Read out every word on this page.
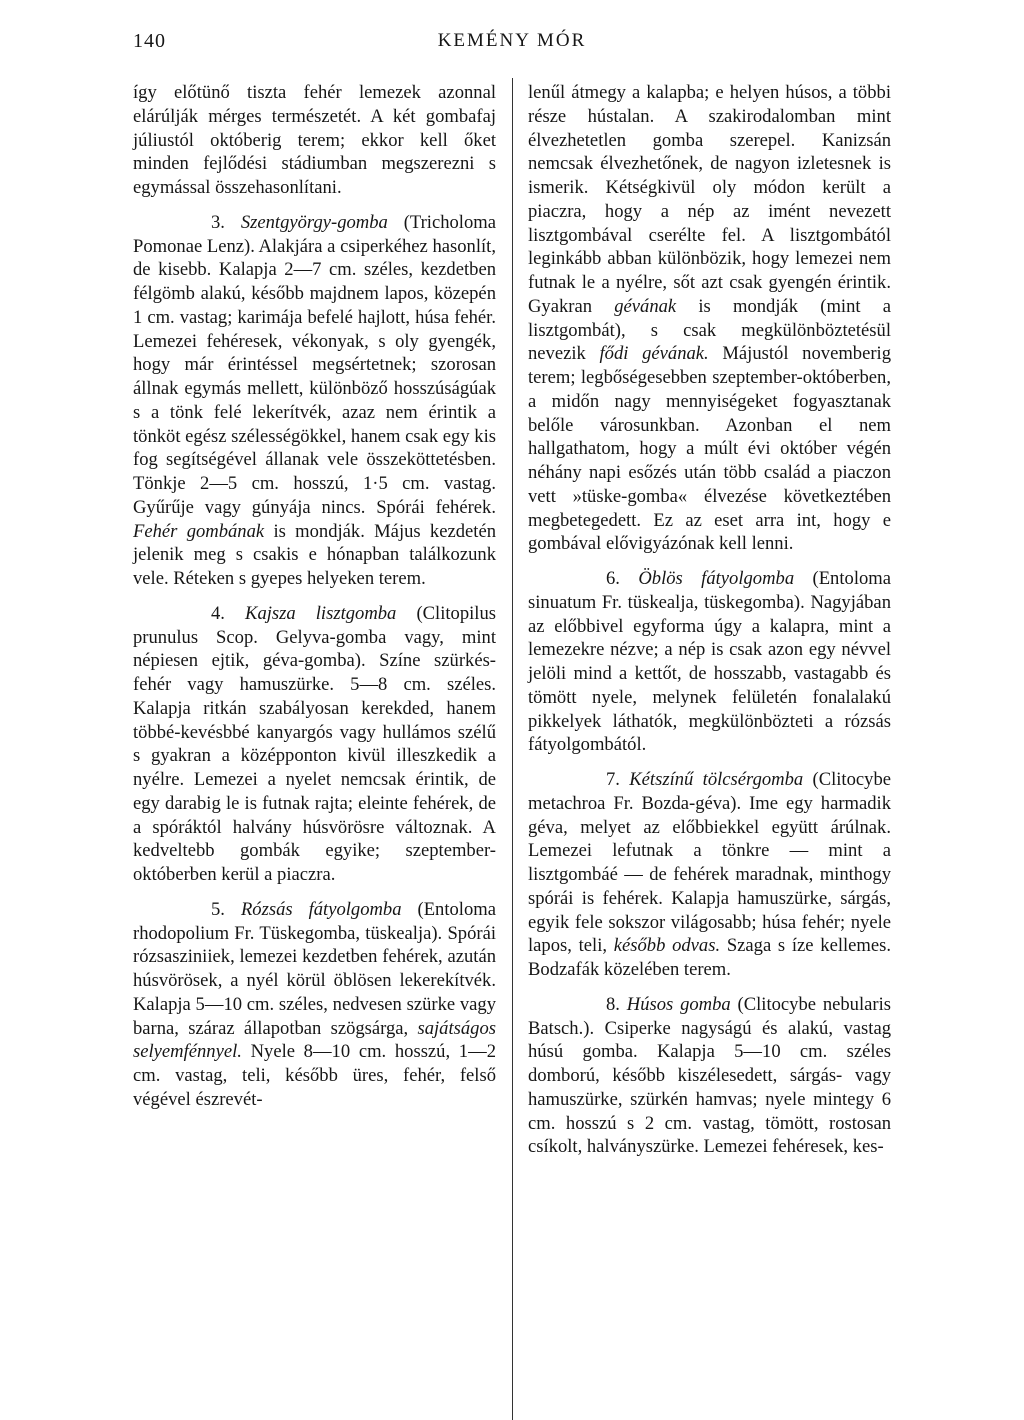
140	KEMÉNY MÓR

így előtünő tiszta fehér lemezek azonnal elárúlják mérges természetét. A két gombafaj júliustól októberig terem; ekkor kell őket minden fejlődési stádiumban megszerezni s egymással összehasonlítani.

3. Szentgyörgy-gomba (Tricholoma Pomonae Lenz). Alakjára a csiperkéhez hasonlít, de kisebb. Kalapja 2—7 cm. széles, kezdetben félgömb alakú, később majdnem lapos, közepén 1 cm. vastag; karimája befelé hajlott, húsa fehér. Lemezei fehéresek, vékonyak, s oly gyengék, hogy már érintéssel megsértetnek; szorosan állnak egymás mellett, különböző hosszúságúak s a tönk felé lekerítvék, azaz nem érintik a tönköt egész szélességökkel, hanem csak egy kis fog segítségével állanak vele összeköttetésben. Tönkje 2—5 cm. hosszú, 1·5 cm. vastag. Gyűrűje vagy gúnyája nincs. Spórái fehérek. Fehér gombának is mondják. Május kezdetén jelenik meg s csakis e hónapban találkozunk vele. Réteken s gyepes helyeken terem.

4. Kajsza lisztgomba (Clitopilus prunulus Scop. Gelyva-gomba vagy, mint népiesen ejtik, géva-gomba). Színe szürkés-fehér vagy hamuszürke. 5—8 cm. széles. Kalapja ritkán szabályosan kerekded, hanem többé-kevésbbé kanyargós vagy hullámos szélű s gyakran a középponton kivül illeszkedik a nyélre. Lemezei a nyelet nemcsak érintik, de egy darabig le is futnak rajta; eleinte fehérek, de a spóráktól halvány húsvörösre változnak. A kedveltebb gombák egyike; szeptember-októberben kerül a piaczra.

5. Rózsás fátyolgomba (Entoloma rhodopolium Fr. Tüskegomba, tüskealja). Spórái rózsasziniiek, lemezei kezdetben fehérek, azután húsvörösek, a nyél körül öblösen lekerekítvék. Kalapja 5—10 cm. széles, nedvesen szürke vagy barna, száraz állapotban szögsárga, sajátságos selyemfénnyel. Nyele 8—10 cm. hosszú, 1—2 cm. vastag, teli, később üres, fehér, felső végével észrevét-

lenűl átmegy a kalapba; e helyen húsos, a többi része hústalan. A szakirodalomban mint élvezhetetlen gomba szerepel. Kanizsán nemcsak élvezhetőnek, de nagyon izletesnek is ismerik. Kétségkivül oly módon került a piaczra, hogy a nép az imént nevezett lisztgombával cserélte fel. A lisztgombától leginkább abban különbözik, hogy lemezei nem futnak le a nyélre, sőt azt csak gyengén érintik. Gyakran gévának is mondják (mint a lisztgombát), s csak megkülönböztetésül nevezik fődi gévának. Májustól novemberig terem; legbőségesebben szeptember-októberben, a midőn nagy mennyiségeket fogyasztanak belőle városunkban. Azonban el nem hallgathatom, hogy a múlt évi október végén néhány napi esőzés után több család a piaczon vett »tüske-gomba« élvezése következtében megbetegedett. Ez az eset arra int, hogy e gombával elővigyázónak kell lenni.

6. Öblös fátyolgomba (Entoloma sinuatum Fr. tüskealja, tüskegomba). Nagyjában az előbbivel egyforma úgy a kalapra, mint a lemezekre nézve; a nép is csak azon egy névvel jelöli mind a kettőt, de hosszabb, vastagabb és tömött nyele, melynek felületén fonalalakú pikkelyek láthatók, megkülönbözteti a rózsás fátyolgombától.

7. Kétszínű tölcsérgomba (Clitocybe metachroa Fr. Bozda-géva). Ime egy harmadik géva, melyet az előbbiekkel együtt árúlnak. Lemezei lefutnak a tönkre — mint a lisztgombáé — de fehérek maradnak, minthogy spórái is fehérek. Kalapja hamuszürke, sárgás, egyik fele sokszor világosabb; húsa fehér; nyele lapos, teli, később odvas. Szaga s íze kellemes. Bodzafák közelében terem.

8. Húsos gomba (Clitocybe nebularis Batsch.). Csiperke nagyságú és alakú, vastag húsú gomba. Kalapja 5—10 cm. széles domború, később kiszélesedett, sárgás- vagy hamuszürke, szürkén hamvas; nyele mintegy 6 cm. hosszú s 2 cm. vastag, tömött, rostosan csíkolt, halványszürke. Lemezei fehéresek, kes-
